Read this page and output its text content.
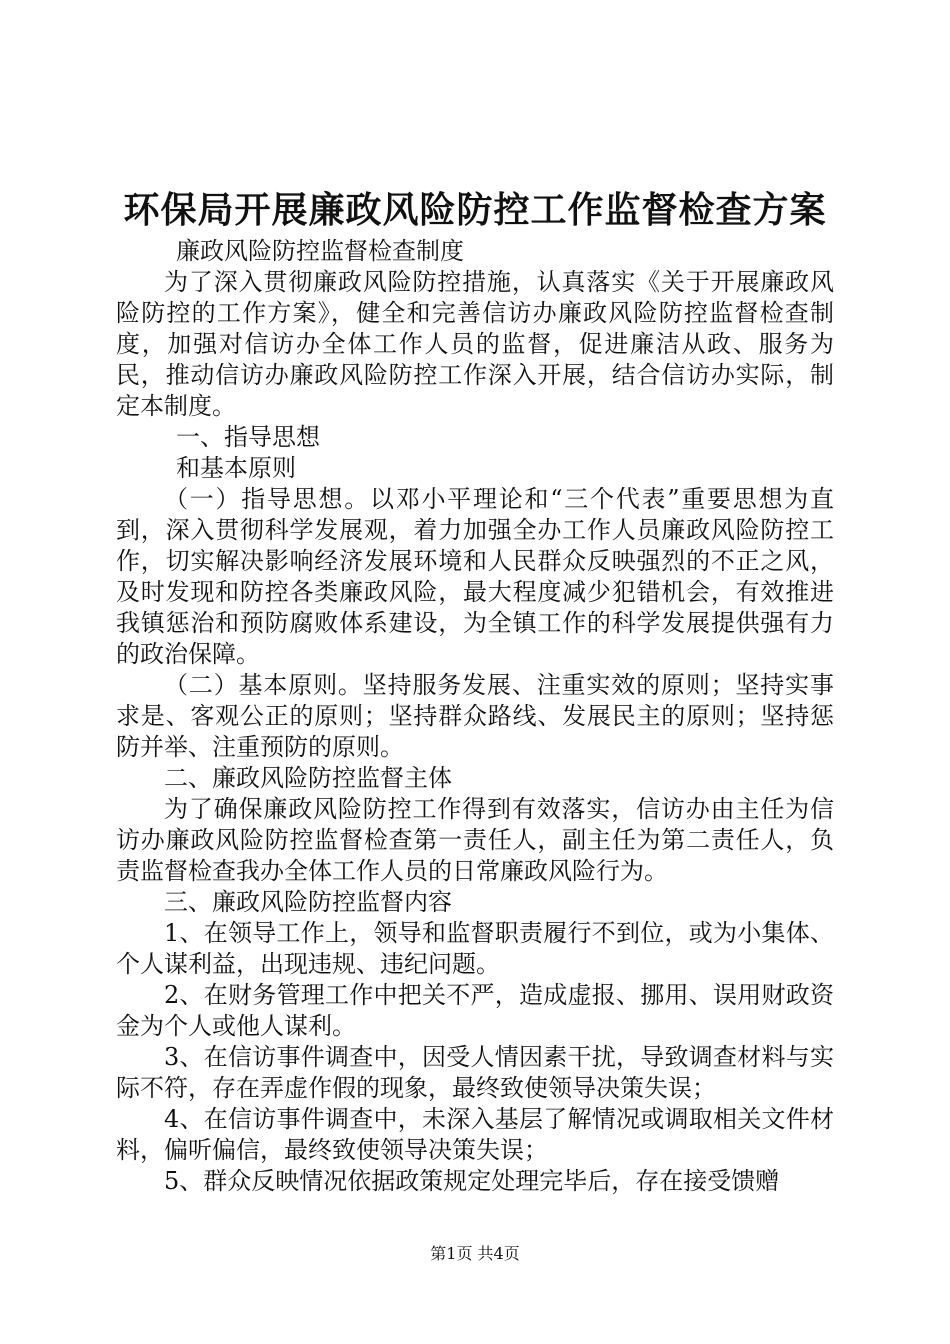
环保局开展廉政风险防控工作监督检查方案

廉政风险防控监督检查制度

为了深入贯彻廉政风险防控措施，认真落实《关于开展廉政风险防控的工作方案》，健全和完善信访办廉政风险防控监督检查制度，加强对信访办全体工作人员的监督，促进廉洁从政、服务为民，推动信访办廉政风险防控工作深入开展，结合信访办实际，制定本制度。

一、指导思想

和基本原则

（一）指导思想。以邓小平理论和“三个代表”重要思想为直到，深入贯彻科学发展观，着力加强全办工作人员廉政风险防控工作，切实解决影响经济发展环境和人民群众反映强烈的不正之风，及时发现和防控各类廉政风险，最大程度减少犯错机会，有效推进我镇惩治和预防腐败体系建设，为全镇工作的科学发展提供强有力的政治保障。

（二）基本原则。坚持服务发展、注重实效的原则；坚持实事求是、客观公正的原则；坚持群众路线、发展民主的原则；坚持惩防并举、注重预防的原则。

二、廉政风险防控监督主体

为了确保廉政风险防控工作得到有效落实，信访办由主任为信访办廉政风险防控监督检查第一责任人，副主任为第二责任人，负责监督检查我办全体工作人员的日常廉政风险行为。

三、廉政风险防控监督内容

1、在领导工作上，领导和监督职责履行不到位，或为小集体、个人谋利益，出现违规、违纪问题。

2、在财务管理工作中把关不严，造成虚报、挪用、误用财政资金为个人或他人谋利。

3、在信访事件调查中，因受人情因素干扰，导致调查材料与实际不符，存在弄虚作假的现象，最终致使领导决策失误；

4、在信访事件调查中，未深入基层了解情况或调取相关文件材料，偏听偏信，最终致使领导决策失误；

5、群众反映情况依据政策规定处理完毕后，存在接受馈赠

第1页 共4页
